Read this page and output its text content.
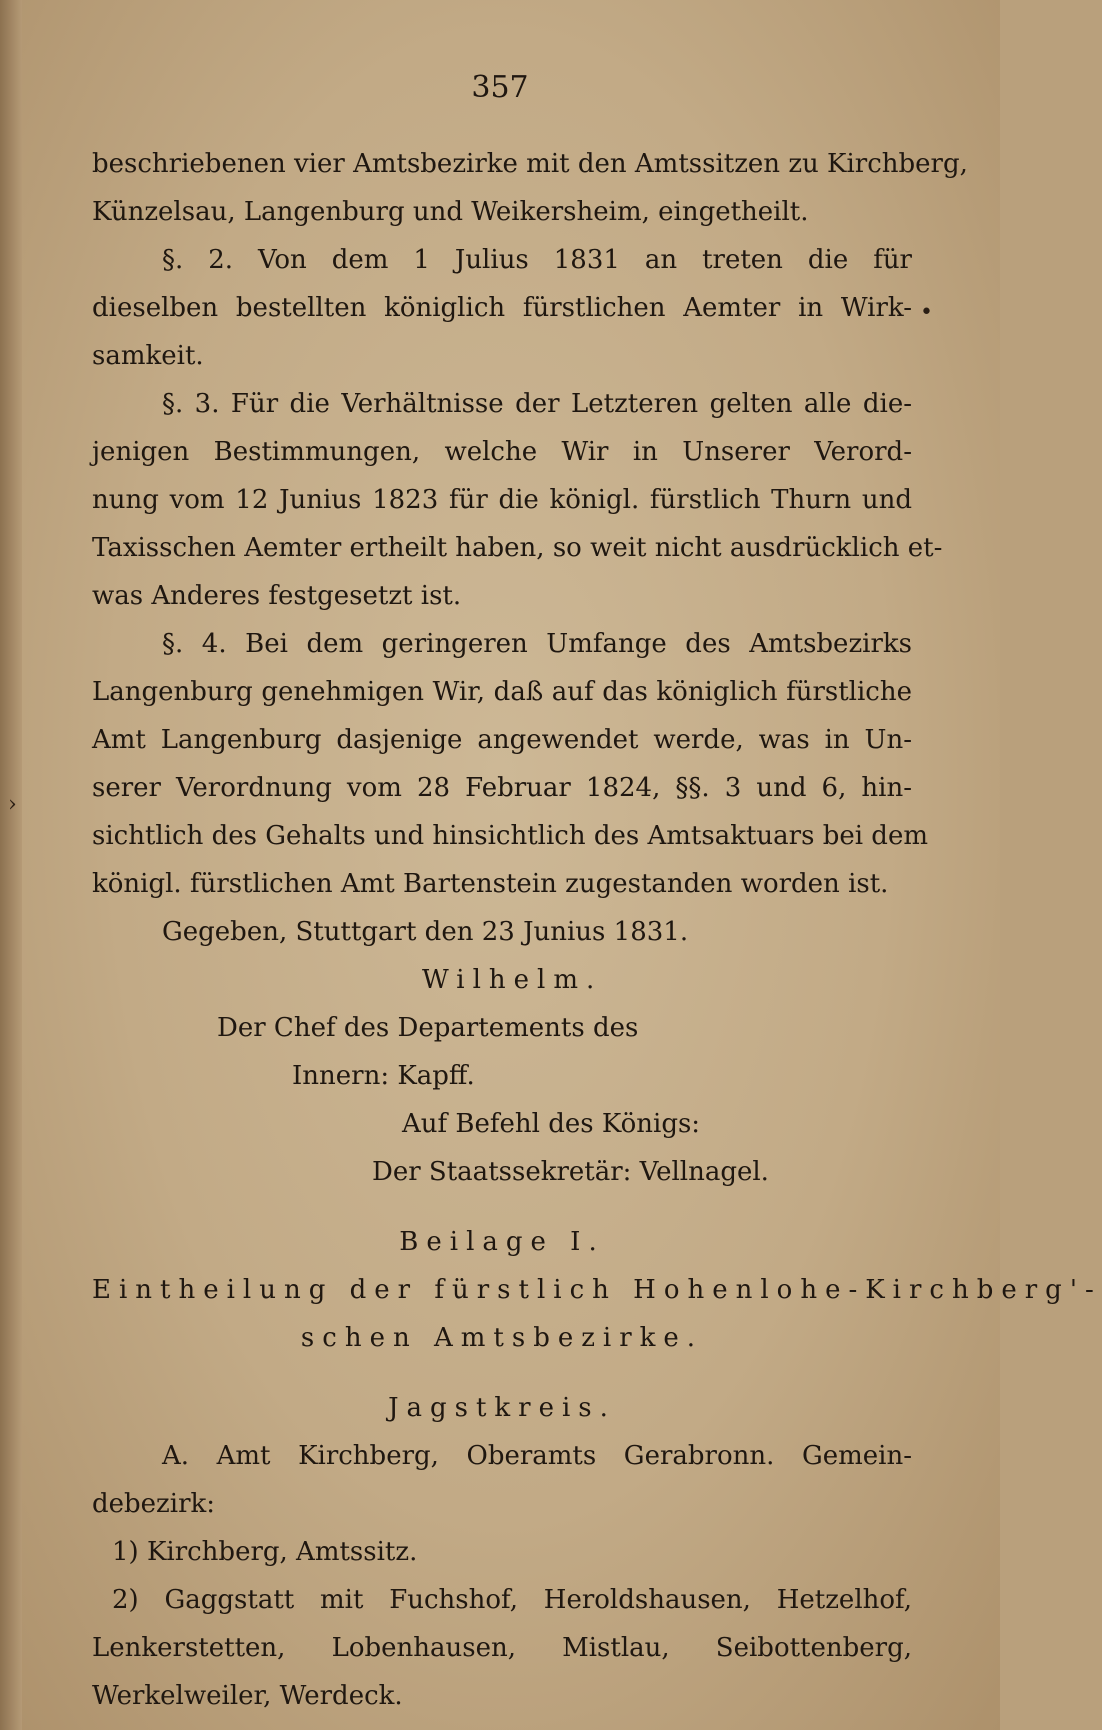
357
beschriebenen vier Amtsbezirke mit den Amtssitzen zu Kirchberg,
Künzelsau, Langenburg und Weikersheim, eingetheilt.
§. 2. Von dem 1 Julius 1831 an treten die für
dieselben bestellten königlich fürstlichen Aemter in Wirk-
samkeit.
§. 3. Für die Verhältnisse der Letzteren gelten alle die-
jenigen Bestimmungen, welche Wir in Unserer Verord-
nung vom 12 Junius 1823 für die königl. fürstlich Thurn und
Taxisschen Aemter ertheilt haben, so weit nicht ausdrücklich et-
was Anderes festgesetzt ist.
§. 4. Bei dem geringeren Umfange des Amtsbezirks
Langenburg genehmigen Wir, daß auf das königlich fürstliche
Amt Langenburg dasjenige angewendet werde, was in Un-
serer Verordnung vom 28 Februar 1824, §§. 3 und 6, hin-
sichtlich des Gehalts und hinsichtlich des Amtsaktuars bei dem
königl. fürstlichen Amt Bartenstein zugestanden worden ist.
Gegeben, Stuttgart den 23 Junius 1831.
Wilhelm.
Der Chef des Departements des
Innern: Kapff.
Auf Befehl des Königs:
Der Staatssekretär: Vellnagel.
Beilage I.
Eintheilung der fürstlich Hohenlohe-Kirchberg'-
schen Amtsbezirke.
Jagstkreis.
A. Amt Kirchberg, Oberamts Gerabronn. Gemein-
debezirk:
1) Kirchberg, Amtssitz.
2) Gaggstatt mit Fuchshof, Heroldshausen, Hetzelhof,
Lenkerstetten, Lobenhausen, Mistlau, Seibottenberg,
Werkelweiler, Werdeck.
•
›
